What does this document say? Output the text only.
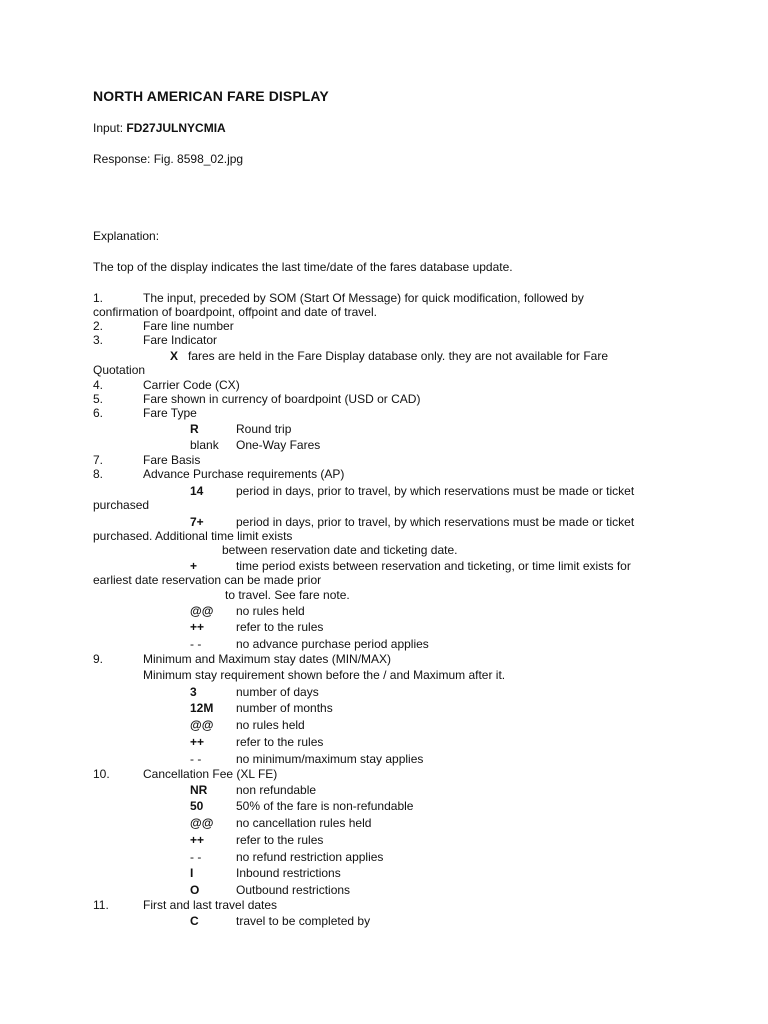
NORTH AMERICAN FARE DISPLAY
Input: FD27JULNYCMIA
Response: Fig. 8598_02.jpg
Explanation:
The top of the display indicates the last time/date of the fares database update.
1.	The input, preceded by SOM (Start Of Message) for quick modification, followed by
confirmation of boardpoint, offpoint and date of travel.
2.	Fare line number
3.	Fare Indicator
X fares are held in the Fare Display database only. they are not available for Fare
Quotation
4.	Carrier Code (CX)
5.	Fare shown in currency of boardpoint (USD or CAD)
6.	Fare Type
R	Round trip
blank One-Way Fares
7.	Fare Basis
8.	Advance Purchase requirements (AP)
14	period in days, prior to travel, by which reservations must be made or ticket
purchased
7+	period in days, prior to travel, by which reservations must be made or ticket
purchased. Additional time limit exists
between reservation date and ticketing date.
+	time period exists between reservation and ticketing, or time limit exists for
earliest date reservation can be made prior
to travel. See fare note.
@@ no rules held
++	refer to the rules
- -	no advance purchase period applies
9.	Minimum and Maximum stay dates (MIN/MAX)
Minimum stay requirement shown before the / and Maximum after it.
3	number of days
12M number of months
@@ no rules held
++	refer to the rules
- -	no minimum/maximum stay applies
10.	Cancellation Fee (XL FE)
NR non refundable
50	50% of the fare is non-refundable
@@ no cancellation rules held
++	refer to the rules
- -	no refund restriction applies
I	Inbound restrictions
O	Outbound restrictions
11.	First and last travel dates
C	travel to be completed by
